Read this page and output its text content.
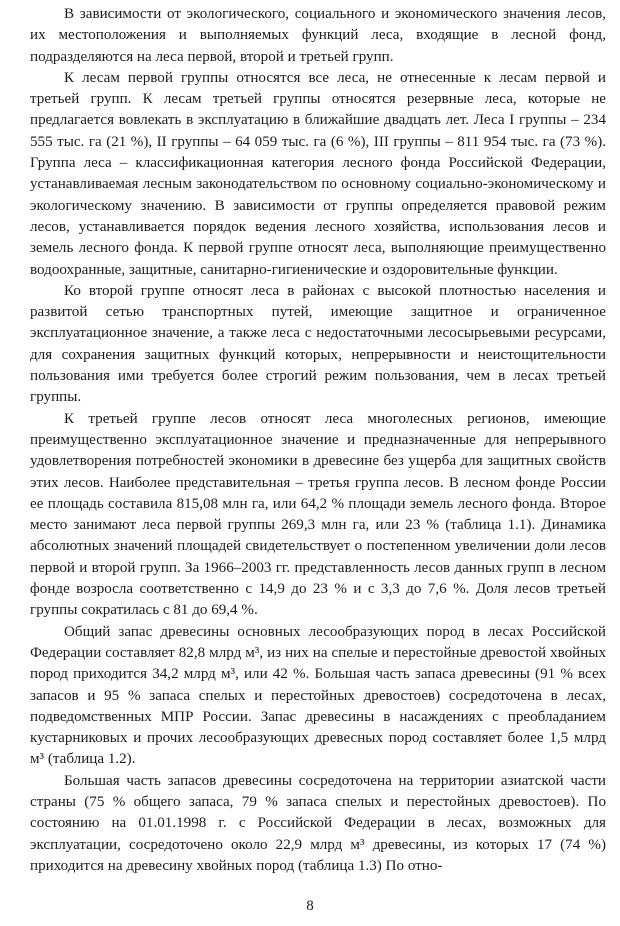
В зависимости от экологического, социального и экономического значения лесов, их местоположения и выполняемых функций леса, входящие в лесной фонд, подразделяются на леса первой, второй и третьей групп.

К лесам первой группы относятся все леса, не отнесенные к лесам первой и третьей групп. К лесам третьей группы относятся резервные леса, которые не предлагается вовлекать в эксплуатацию в ближайшие двадцать лет. Леса I группы – 234 555 тыс. га (21 %), II группы – 64 059 тыс. га (6 %), III группы – 811 954 тыс. га (73 %). Группа леса – классификационная категория лесного фонда Российской Федерации, устанавливаемая лесным законодательством по основному социально-экономическому и экологическому значению. В зависимости от группы определяется правовой режим лесов, устанавливается порядок ведения лесного хозяйства, использования лесов и земель лесного фонда. К первой группе относят леса, выполняющие преимущественно водоохранные, защитные, санитарно-гигиенические и оздоровительные функции.

Ко второй группе относят леса в районах с высокой плотностью населения и развитой сетью транспортных путей, имеющие защитное и ограниченное эксплуатационное значение, а также леса с недостаточными лесосырьевыми ресурсами, для сохранения защитных функций которых, непрерывности и неистощительности пользования ими требуется более строгий режим пользования, чем в лесах третьей группы.

К третьей группе лесов относят леса многолесных регионов, имеющие преимущественно эксплуатационное значение и предназначенные для непрерывного удовлетворения потребностей экономики в древесине без ущерба для защитных свойств этих лесов. Наиболее представительная – третья группа лесов. В лесном фонде России ее площадь составила 815,08 млн га, или 64,2 % площади земель лесного фонда. Второе место занимают леса первой группы 269,3 млн га, или 23 % (таблица 1.1). Динамика абсолютных значений площадей свидетельствует о постепенном увеличении доли лесов первой и второй групп. За 1966–2003 гг. представленность лесов данных групп в лесном фонде возросла соответственно с 14,9 до 23 % и с 3,3 до 7,6 %. Доля лесов третьей группы сократилась с 81 до 69,4 %.

Общий запас древесины основных лесообразующих пород в лесах Российской Федерации составляет 82,8 млрд м³, из них на спелые и перестойные древостой хвойных пород приходится 34,2 млрд м³, или 42 %. Большая часть запаса древесины (91 % всех запасов и 95 % запаса спелых и перестойных древостоев) сосредоточена в лесах, подведомственных МПР России. Запас древесины в насаждениях с преобладанием кустарниковых и прочих лесообразующих древесных пород составляет более 1,5 млрд м³ (таблица 1.2).

Большая часть запасов древесины сосредоточена на территории азиатской части страны (75 % общего запаса, 79 % запаса спелых и перестойных древостоев). По состоянию на 01.01.1998 г. с Российской Федерации в лесах, возможных для эксплуатации, сосредоточено около 22,9 млрд м³ древесины, из которых 17 (74 %) приходится на древесину хвойных пород (таблица 1.3) По отно-

8
